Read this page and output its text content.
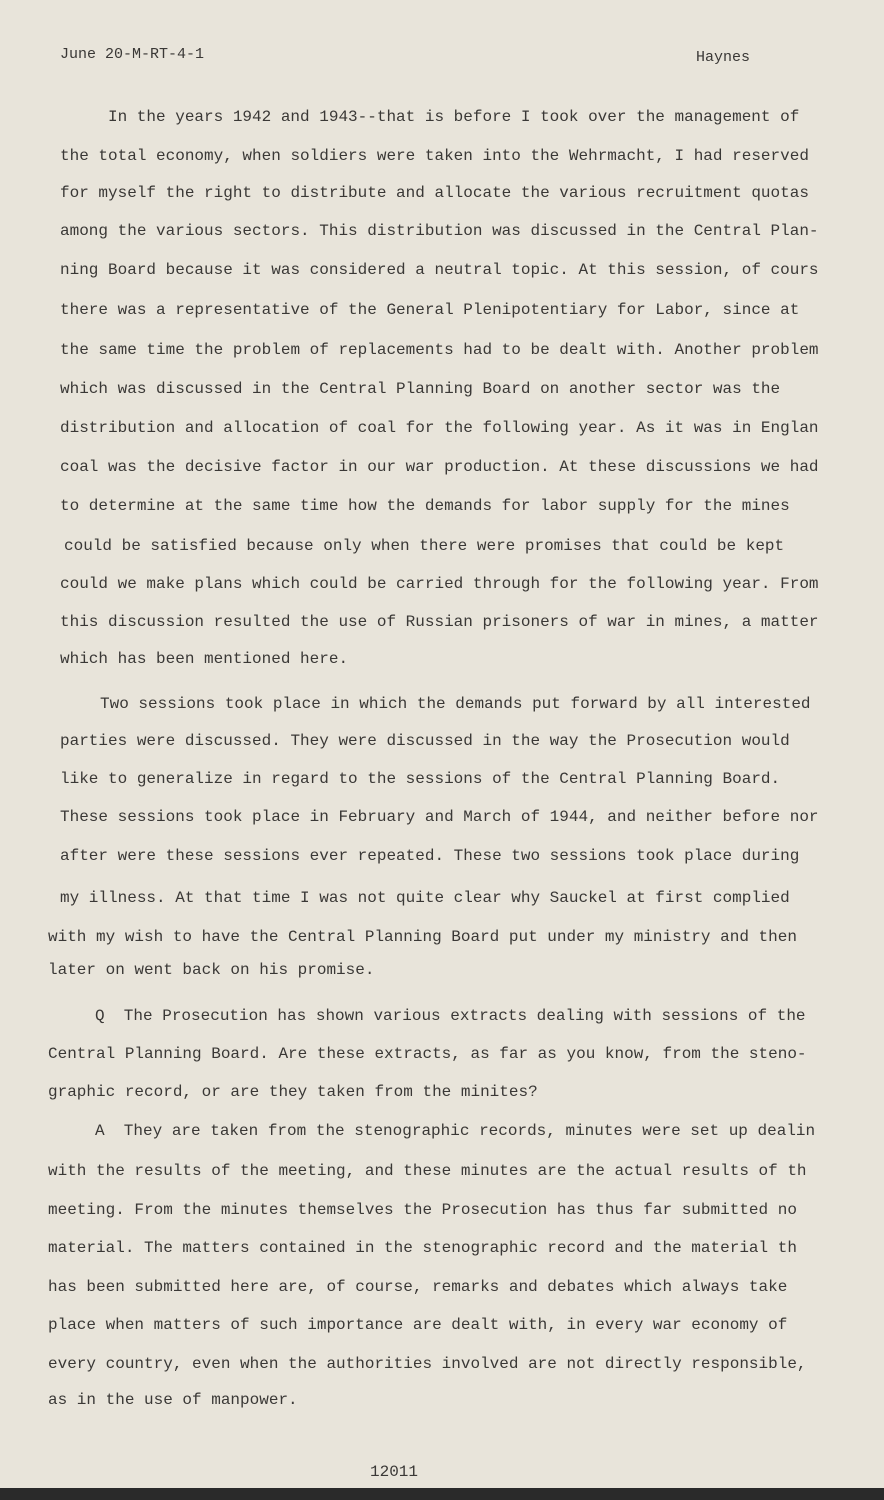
June 20-M-RT-4-1	Haynes
In the years 1942 and 1943--that is before I took over the management of
the total economy, when soldiers were taken into the Wehrmacht, I had reserved
for myself the right to distribute and allocate the various recruitment quotas
among the various sectors. This distribution was discussed in the Central Plan-
ning Board because it was considered a neutral topic. At this session, of cours
there was a representative of the General Plenipotentiary for Labor, since at
the same time the problem of replacements had to be dealt with. Another problem
which was discussed in the Central Planning Board on another sector was the
distribution and allocation of coal for the following year. As it was in Englan
coal was the decisive factor in our war production. At these discussions we had
to determine at the same time how the demands for labor supply for the mines
could be satisfied because only when there were promises that could be kept
could we make plans which could be carried through for the following year. From
this discussion resulted the use of Russian prisoners of war in mines, a matter
which has been mentioned here.
Two sessions took place in which the demands put forward by all interested
parties were discussed. They were discussed in the way the Prosecution would
like to generalize in regard to the sessions of the Central Planning Board.
These sessions took place in February and March of 1944, and neither before nor
after were these sessions ever repeated. These two sessions took place during
my illness. At that time I was not quite clear why Sauckel at first complied
with my wish to have the Central Planning Board put under my ministry and then
later on went back on his promise.
Q  The Prosecution has shown various extracts dealing with sessions of the
Central Planning Board. Are these extracts, as far as you know, from the steno-
graphic record, or are they taken from the minites?
A  They are taken from the stenographic records, minutes were set up dealin
with the results of the meeting, and these minutes are the actual results of th
meeting. From the minutes themselves the Prosecution has thus far submitted no
material. The matters contained in the stenographic record and the material th
has been submitted here are, of course, remarks and debates which always take
place when matters of such importance are dealt with, in every war economy of
every country, even when the authorities involved are not directly responsible,
as in the use of manpower.
12011
